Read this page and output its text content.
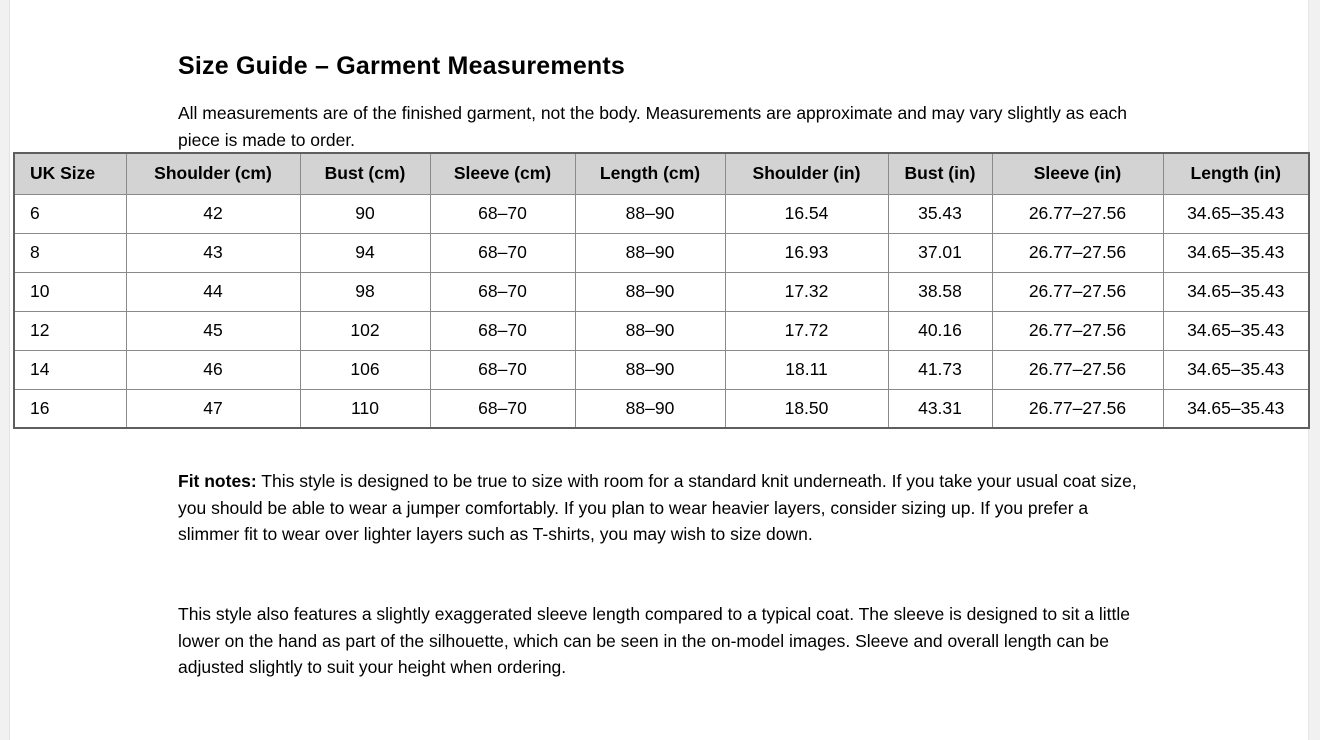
Size Guide – Garment Measurements

All measurements are of the finished garment, not the body. Measurements are approximate and may vary slightly as each piece is made to order.

UK Size	Shoulder (cm)	Bust (cm)	Sleeve (cm)	Length (cm)	Shoulder (in)	Bust (in)	Sleeve (in)	Length (in)
6	42	90	68–70	88–90	16.54	35.43	26.77–27.56	34.65–35.43
8	43	94	68–70	88–90	16.93	37.01	26.77–27.56	34.65–35.43
10	44	98	68–70	88–90	17.32	38.58	26.77–27.56	34.65–35.43
12	45	102	68–70	88–90	17.72	40.16	26.77–27.56	34.65–35.43
14	46	106	68–70	88–90	18.11	41.73	26.77–27.56	34.65–35.43
16	47	110	68–70	88–90	18.50	43.31	26.77–27.56	34.65–35.43

Fit notes: This style is designed to be true to size with room for a standard knit underneath. If you take your usual coat size, you should be able to wear a jumper comfortably. If you plan to wear heavier layers, consider sizing up. If you prefer a slimmer fit to wear over lighter layers such as T-shirts, you may wish to size down.

This style also features a slightly exaggerated sleeve length compared to a typical coat. The sleeve is designed to sit a little lower on the hand as part of the silhouette, which can be seen in the on-model images. Sleeve and overall length can be adjusted slightly to suit your height when ordering.
